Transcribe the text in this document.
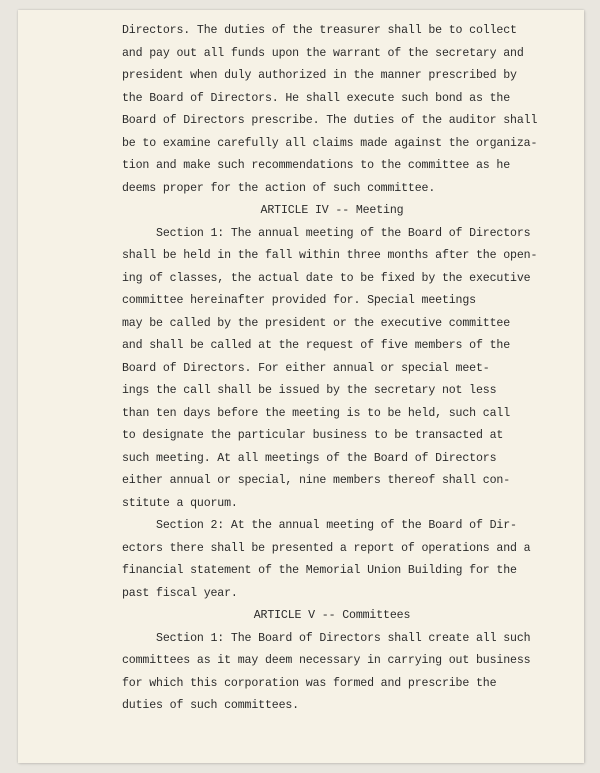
Directors. The duties of the treasurer shall be to collect
and pay out all funds upon the warrant of the secretary and
president when duly authorized in the manner prescribed by
the Board of Directors. He shall execute such bond as the
Board of Directors prescribe. The duties of the auditor shall
be to examine carefully all claims made against the organiza-
tion and make such recommendations to the committee as he
deems proper for the action of such committee.
ARTICLE IV -- Meeting
Section 1: The annual meeting of the Board of Directors
shall be held in the fall within three months after the open-
ing of classes, the actual date to be fixed by the executive
committee hereinafter provided for. Special meetings
may be called by the president or the executive committee
and shall be called at the request of five members of the
Board of Directors. For either annual or special meet-
ings the call shall be issued by the secretary not less
than ten days before the meeting is to be held, such call
to designate the particular business to be transacted at
such meeting. At all meetings of the Board of Directors
either annual or special, nine members thereof shall con-
stitute a quorum.
Section 2: At the annual meeting of the Board of Dir-
ectors there shall be presented a report of operations and a
financial statement of the Memorial Union Building for the
past fiscal year.
ARTICLE V -- Committees
Section 1: The Board of Directors shall create all such
committees as it may deem necessary in carrying out business
for which this corporation was formed and prescribe the
duties of such committees.
